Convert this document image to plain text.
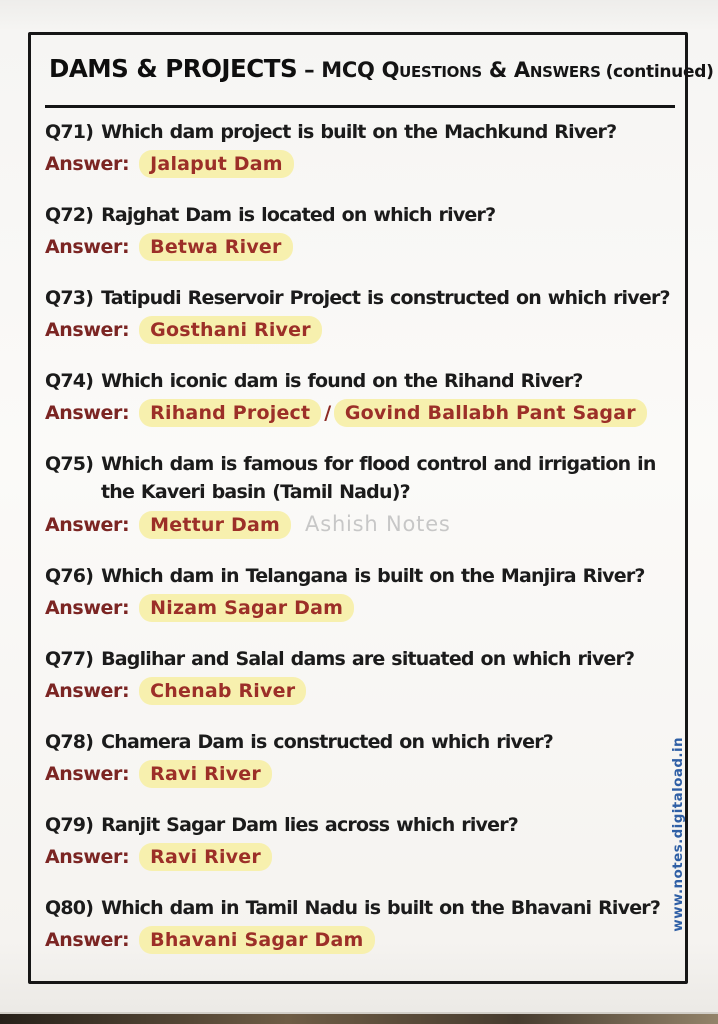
DAMS & PROJECTS – MCQ Questions & Answers (continued)

Q71) Which dam project is built on the Machkund River?

Answer: Jalaput Dam

Q72) Rajghat Dam is located on which river?

Answer: Betwa River

Q73) Tatipudi Reservoir Project is constructed on which river?

Answer: Gosthani River

Q74) Which iconic dam is found on the Rihand River?

Answer: Rihand Project / Govind Ballabh Pant Sagar

Q75) Which dam is famous for flood control and irrigation in the Kaveri basin (Tamil Nadu)?

Answer: Mettur Dam Ashish Notes

Q76) Which dam in Telangana is built on the Manjira River?

Answer: Nizam Sagar Dam

Q77) Baglihar and Salal dams are situated on which river?

Answer: Chenab River

Q78) Chamera Dam is constructed on which river?

Answer: Ravi River

Q79) Ranjit Sagar Dam lies across which river?

Answer: Ravi River

Q80) Which dam in Tamil Nadu is built on the Bhavani River?

Answer: Bhavani Sagar Dam

www.notes.digitaload.in
